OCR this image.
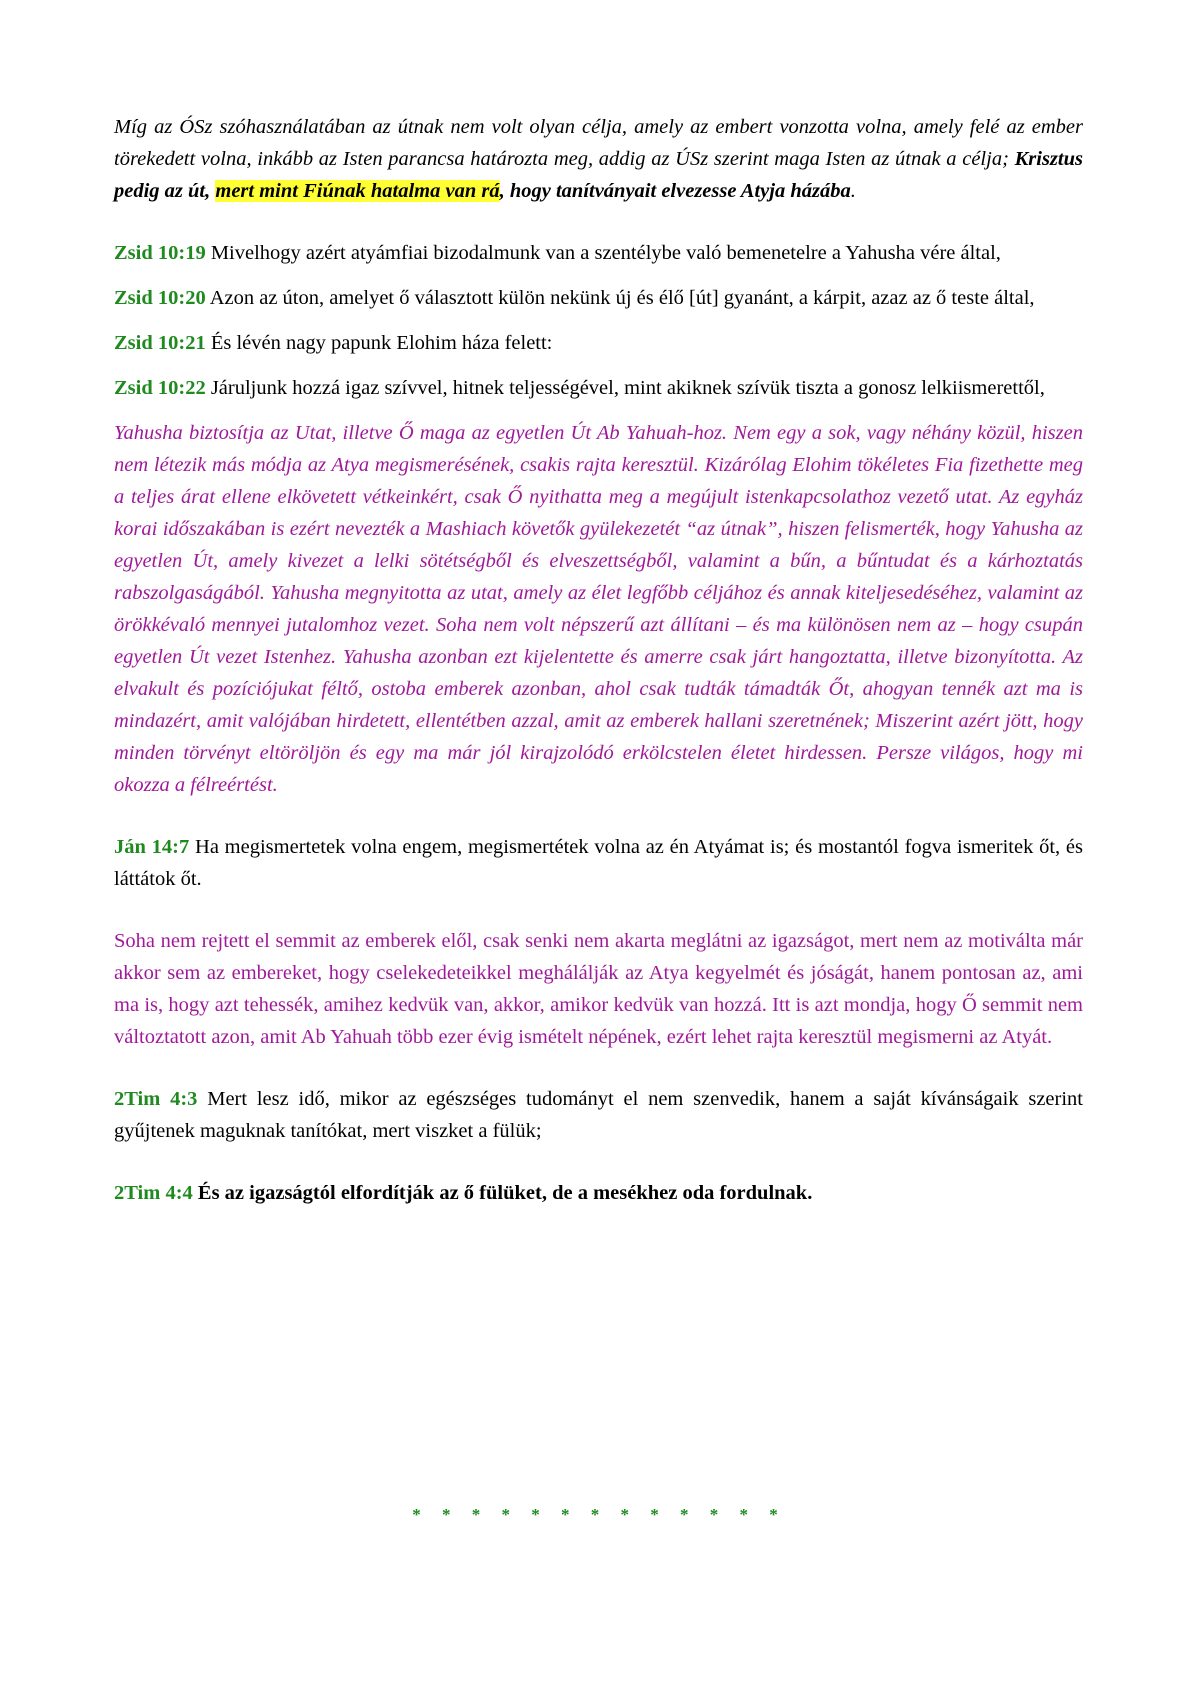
Míg az ÓSz szóhasználatában az útnak nem volt olyan célja, amely az embert vonzotta volna, amely felé az ember törekedett volna, inkább az Isten parancsa határozta meg, addig az ÚSz szerint maga Isten az útnak a célja; Krisztus pedig az út, mert mint Fiúnak hatalma van rá, hogy tanítványait elvezesse Atyja házába.

Zsid 10:19 Mivelhogy azért atyámfiai bizodalmunk van a szentélybe való bemenetelre a Yahusha vére által,

Zsid 10:20 Azon az úton, amelyet ő választott külön nekünk új és élő [út] gyanánt, a kárpit, azaz az ő teste által,

Zsid 10:21 És lévén nagy papunk Elohim háza felett:

Zsid 10:22 Járuljunk hozzá igaz szívvel, hitnek teljességével, mint akiknek szívük tiszta a gonosz lelkiismerettől,

Yahusha biztosítja az Utat, illetve Ő maga az egyetlen Út Ab Yahuah-hoz. Nem egy a sok, vagy néhány közül, hiszen nem létezik más módja az Atya megismerésének, csakis rajta keresztül. Kizárólag Elohim tökéletes Fia fizethette meg a teljes árat ellene elkövetett vétkeinkért, csak Ő nyithatta meg a megújult istenkapcsolathoz vezető utat. Az egyház korai időszakában is ezért nevezték a Mashiach követők gyülekezetét “az útnak”, hiszen felismerték, hogy Yahusha az egyetlen Út, amely kivezet a lelki sötétségből és elveszettségből, valamint a bűn, a bűntudat és a kárhoztatás rabszolgaságából. Yahusha megnyitotta az utat, amely az élet legfőbb céljához és annak kiteljesedéséhez, valamint az örökkévaló mennyei jutalomhoz vezet. Soha nem volt népszerű azt állítani – és ma különösen nem az – hogy csupán egyetlen Út vezet Istenhez. Yahusha azonban ezt kijelentette és amerre csak járt hangoztatta, illetve bizonyította. Az elvakult és pozíciójukat féltő, ostoba emberek azonban, ahol csak tudták támadták Őt, ahogyan tennék azt ma is mindazért, amit valójában hirdetett, ellentétben azzal, amit az emberek hallani szeretnének; Miszerint azért jött, hogy minden törvényt eltöröljön és egy ma már jól kirajzolódó erkölcstelen életet hirdessen. Persze világos, hogy mi okozza a félreértést.

Ján 14:7 Ha megismertetek volna engem, megismertétek volna az én Atyámat is; és mostantól fogva ismeritek őt, és láttátok őt.

Soha nem rejtett el semmit az emberek elől, csak senki nem akarta meglátni az igazságot, mert nem az motiválta már akkor sem az embereket, hogy cselekedeteikkel meghálálják az Atya kegyelmét és jóságát, hanem pontosan az, ami ma is, hogy azt tehessék, amihez kedvük van, akkor, amikor kedvük van hozzá. Itt is azt mondja, hogy Ő semmit nem változtatott azon, amit Ab Yahuah több ezer évig ismételt népének, ezért lehet rajta keresztül megismerni az Atyát.

2Tim 4:3 Mert lesz idő, mikor az egészséges tudományt el nem szenvedik, hanem a saját kívánságaik szerint gyűjtenek maguknak tanítókat, mert viszket a fülük;

2Tim 4:4 És az igazságtól elfordítják az ő fülüket, de a mesékhez oda fordulnak.

*     *     *     *     *     *     *     *     *     *     *     *     *
